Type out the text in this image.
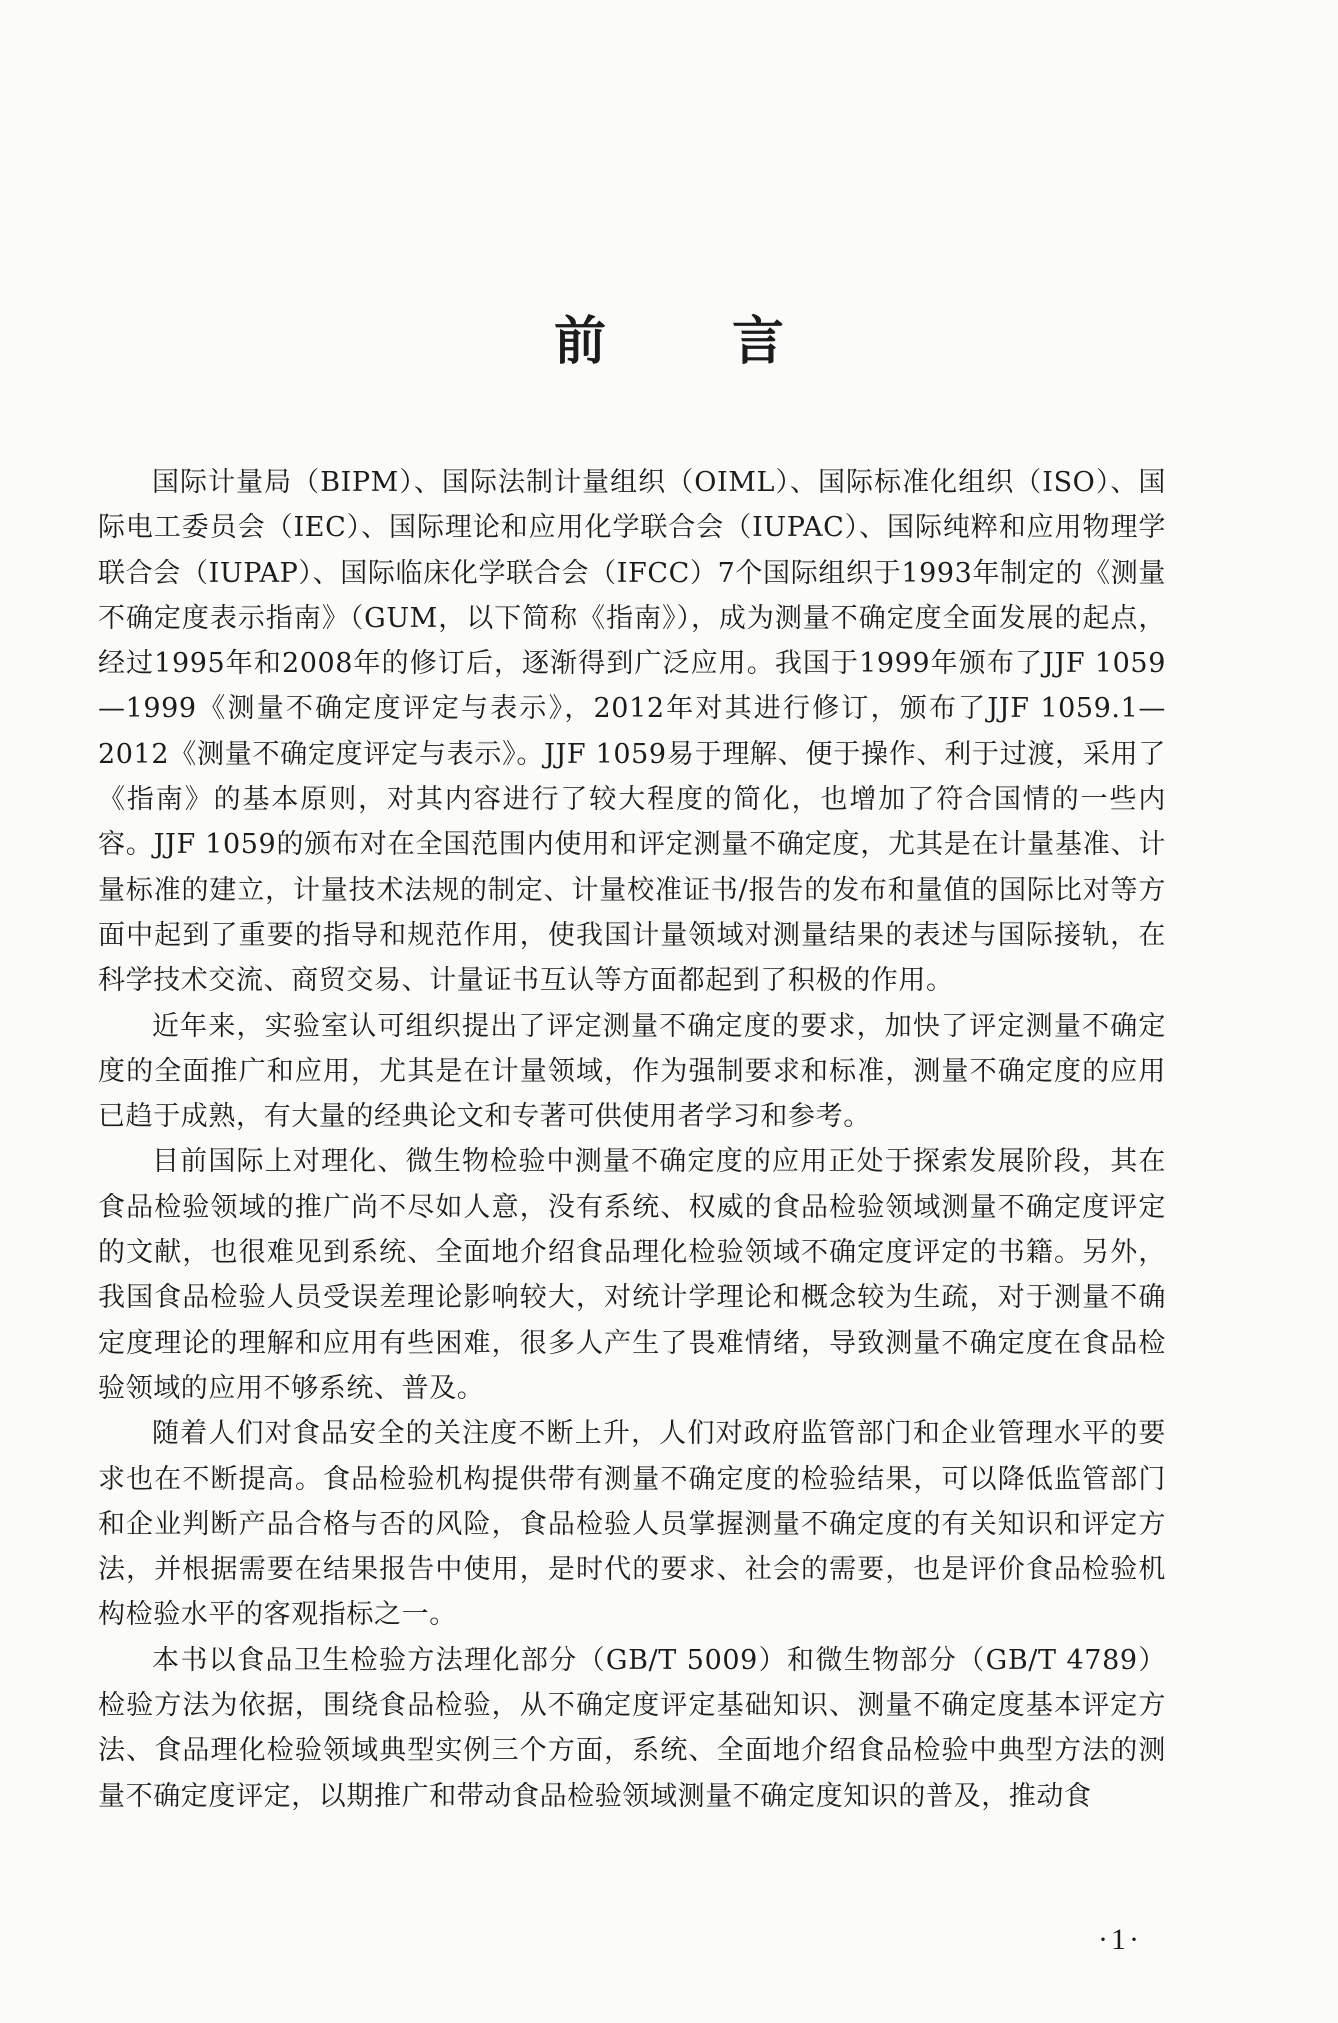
前 言

国际计量局（BIPM）、国际法制计量组织（OIML）、国际标准化组织（ISO）、国际电工委员会（IEC）、国际理论和应用化学联合会（IUPAC）、国际纯粹和应用物理学联合会（IUPAP）、国际临床化学联合会（IFCC）7个国际组织于1993年制定的《测量不确定度表示指南》（GUM，以下简称《指南》），成为测量不确定度全面发展的起点，经过1995年和2008年的修订后，逐渐得到广泛应用。我国于1999年颁布了JJF 1059—1999《测量不确定度评定与表示》，2012年对其进行修订，颁布了JJF 1059.1—2012《测量不确定度评定与表示》。JJF 1059易于理解、便于操作、利于过渡，采用了《指南》的基本原则，对其内容进行了较大程度的简化，也增加了符合国情的一些内容。JJF 1059的颁布对在全国范围内使用和评定测量不确定度，尤其是在计量基准、计量标准的建立，计量技术法规的制定、计量校准证书/报告的发布和量值的国际比对等方面中起到了重要的指导和规范作用，使我国计量领域对测量结果的表述与国际接轨，在科学技术交流、商贸交易、计量证书互认等方面都起到了积极的作用。

近年来，实验室认可组织提出了评定测量不确定度的要求，加快了评定测量不确定度的全面推广和应用，尤其是在计量领域，作为强制要求和标准，测量不确定度的应用已趋于成熟，有大量的经典论文和专著可供使用者学习和参考。

目前国际上对理化、微生物检验中测量不确定度的应用正处于探索发展阶段，其在食品检验领域的推广尚不尽如人意，没有系统、权威的食品检验领域测量不确定度评定的文献，也很难见到系统、全面地介绍食品理化检验领域不确定度评定的书籍。另外，我国食品检验人员受误差理论影响较大，对统计学理论和概念较为生疏，对于测量不确定度理论的理解和应用有些困难，很多人产生了畏难情绪，导致测量不确定度在食品检验领域的应用不够系统、普及。

随着人们对食品安全的关注度不断上升，人们对政府监管部门和企业管理水平的要求也在不断提高。食品检验机构提供带有测量不确定度的检验结果，可以降低监管部门和企业判断产品合格与否的风险，食品检验人员掌握测量不确定度的有关知识和评定方法，并根据需要在结果报告中使用，是时代的要求、社会的需要，也是评价食品检验机构检验水平的客观指标之一。

本书以食品卫生检验方法理化部分（GB/T 5009）和微生物部分（GB/T 4789）检验方法为依据，围绕食品检验，从不确定度评定基础知识、测量不确定度基本评定方法、食品理化检验领域典型实例三个方面，系统、全面地介绍食品检验中典型方法的测量不确定度评定，以期推广和带动食品检验领域测量不确定度知识的普及，推动食

·1·
